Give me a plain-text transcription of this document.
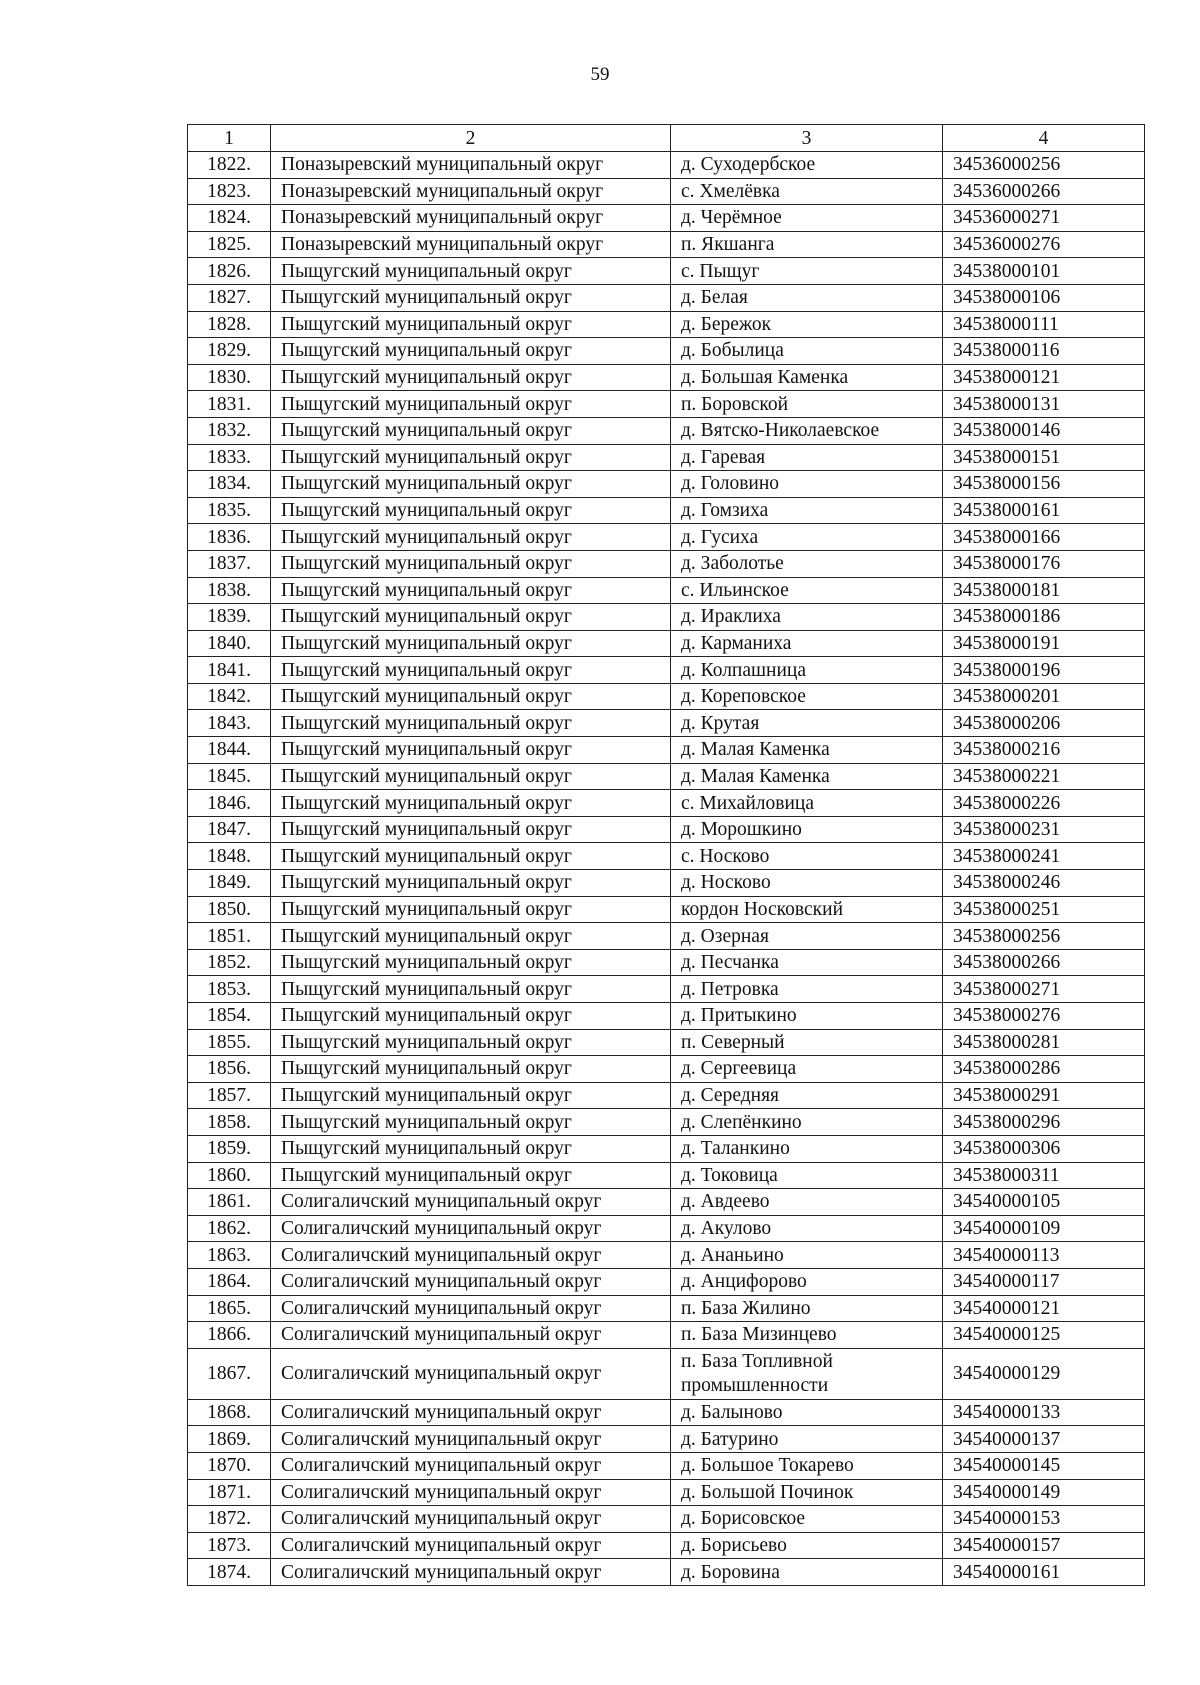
59
1	2	3	4
1822.	Поназыревский муниципальный округ	д. Суходербское	34536000256
1823.	Поназыревский муниципальный округ	с. Хмелёвка	34536000266
1824.	Поназыревский муниципальный округ	д. Черёмное	34536000271
1825.	Поназыревский муниципальный округ	п. Якшанга	34536000276
1826.	Пыщугский муниципальный округ	с. Пыщуг	34538000101
1827.	Пыщугский муниципальный округ	д. Белая	34538000106
1828.	Пыщугский муниципальный округ	д. Бережок	34538000111
1829.	Пыщугский муниципальный округ	д. Бобылица	34538000116
1830.	Пыщугский муниципальный округ	д. Большая Каменка	34538000121
1831.	Пыщугский муниципальный округ	п. Боровской	34538000131
1832.	Пыщугский муниципальный округ	д. Вятско-Николаевское	34538000146
1833.	Пыщугский муниципальный округ	д. Гаревая	34538000151
1834.	Пыщугский муниципальный округ	д. Головино	34538000156
1835.	Пыщугский муниципальный округ	д. Гомзиха	34538000161
1836.	Пыщугский муниципальный округ	д. Гусиха	34538000166
1837.	Пыщугский муниципальный округ	д. Заболотье	34538000176
1838.	Пыщугский муниципальный округ	с. Ильинское	34538000181
1839.	Пыщугский муниципальный округ	д. Ираклиха	34538000186
1840.	Пыщугский муниципальный округ	д. Карманиха	34538000191
1841.	Пыщугский муниципальный округ	д. Колпашница	34538000196
1842.	Пыщугский муниципальный округ	д. Кореповское	34538000201
1843.	Пыщугский муниципальный округ	д. Крутая	34538000206
1844.	Пыщугский муниципальный округ	д. Малая Каменка	34538000216
1845.	Пыщугский муниципальный округ	д. Малая Каменка	34538000221
1846.	Пыщугский муниципальный округ	с. Михайловица	34538000226
1847.	Пыщугский муниципальный округ	д. Морошкино	34538000231
1848.	Пыщугский муниципальный округ	с. Носково	34538000241
1849.	Пыщугский муниципальный округ	д. Носково	34538000246
1850.	Пыщугский муниципальный округ	кордон Носковский	34538000251
1851.	Пыщугский муниципальный округ	д. Озерная	34538000256
1852.	Пыщугский муниципальный округ	д. Песчанка	34538000266
1853.	Пыщугский муниципальный округ	д. Петровка	34538000271
1854.	Пыщугский муниципальный округ	д. Притыкино	34538000276
1855.	Пыщугский муниципальный округ	п. Северный	34538000281
1856.	Пыщугский муниципальный округ	д. Сергеевица	34538000286
1857.	Пыщугский муниципальный округ	д. Середняя	34538000291
1858.	Пыщугский муниципальный округ	д. Слепёнкино	34538000296
1859.	Пыщугский муниципальный округ	д. Таланкино	34538000306
1860.	Пыщугский муниципальный округ	д. Токовица	34538000311
1861.	Солигаличский муниципальный округ	д. Авдеево	34540000105
1862.	Солигаличский муниципальный округ	д. Акулово	34540000109
1863.	Солигаличский муниципальный округ	д. Ананьино	34540000113
1864.	Солигаличский муниципальный округ	д. Анцифорово	34540000117
1865.	Солигаличский муниципальный округ	п. База Жилино	34540000121
1866.	Солигаличский муниципальный округ	п. База Мизинцево	34540000125
1867.	Солигаличский муниципальный округ	п. База Топливной промышленности	34540000129
1868.	Солигаличский муниципальный округ	д. Балыново	34540000133
1869.	Солигаличский муниципальный округ	д. Батурино	34540000137
1870.	Солигаличский муниципальный округ	д. Большое Токарево	34540000145
1871.	Солигаличский муниципальный округ	д. Большой Починок	34540000149
1872.	Солигаличский муниципальный округ	д. Борисовское	34540000153
1873.	Солигаличский муниципальный округ	д. Борисьево	34540000157
1874.	Солигаличский муниципальный округ	д. Боровина	34540000161
